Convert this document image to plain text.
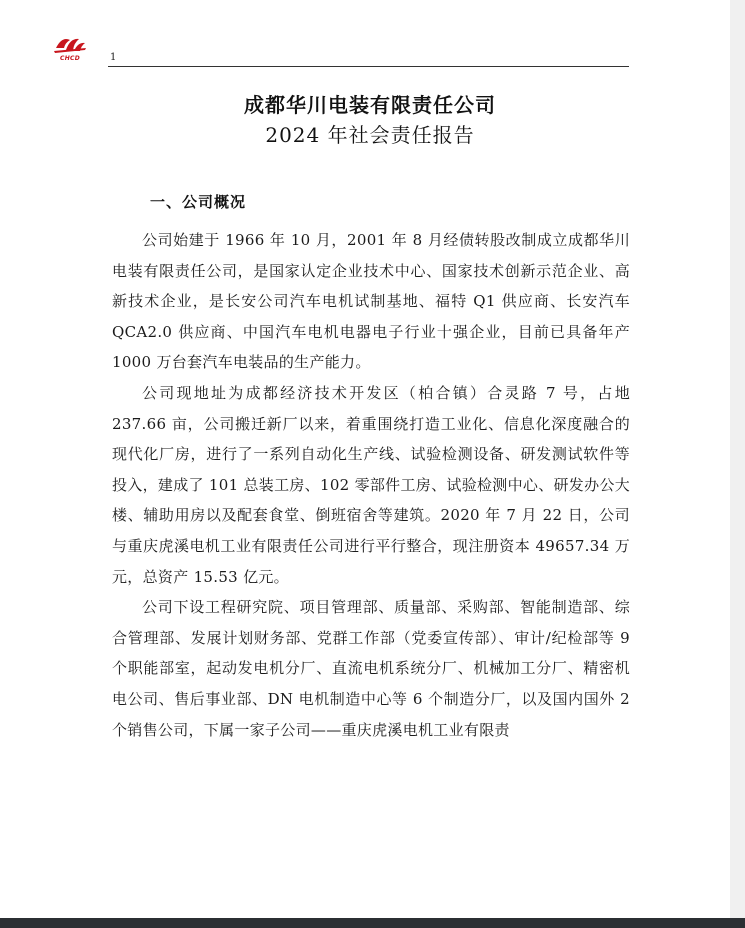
CHCD	1
成都华川电装有限责任公司
2024 年社会责任报告
一、公司概况

公司始建于 1966 年 10 月，2001 年 8 月经债转股改制成立成都华川电装有限责任公司，是国家认定企业技术中心、国家技术创新示范企业、高新技术企业，是长安公司汽车电机试制基地、福特 Q1 供应商、长安汽车 QCA2.0 供应商、中国汽车电机电器电子行业十强企业，目前已具备年产 1000 万台套汽车电装品的生产能力。

公司现地址为成都经济技术开发区（柏合镇）合灵路 7 号，占地 237.66 亩，公司搬迁新厂以来，着重围绕打造工业化、信息化深度融合的现代化厂房，进行了一系列自动化生产线、试验检测设备、研发测试软件等投入，建成了 101 总装工房、102 零部件工房、试验检测中心、研发办公大楼、辅助用房以及配套食堂、倒班宿舍等建筑。2020 年 7 月 22 日，公司与重庆虎溪电机工业有限责任公司进行平行整合，现注册资本 49657.34 万元，总资产 15.53 亿元。

公司下设工程研究院、项目管理部、质量部、采购部、智能制造部、综合管理部、发展计划财务部、党群工作部（党委宣传部）、审计/纪检部等 9 个职能部室，起动发电机分厂、直流电机系统分厂、机械加工分厂、精密机电公司、售后事业部、DN 电机制造中心等 6 个制造分厂，以及国内国外 2 个销售公司，下属一家子公司——重庆虎溪电机工业有限责
